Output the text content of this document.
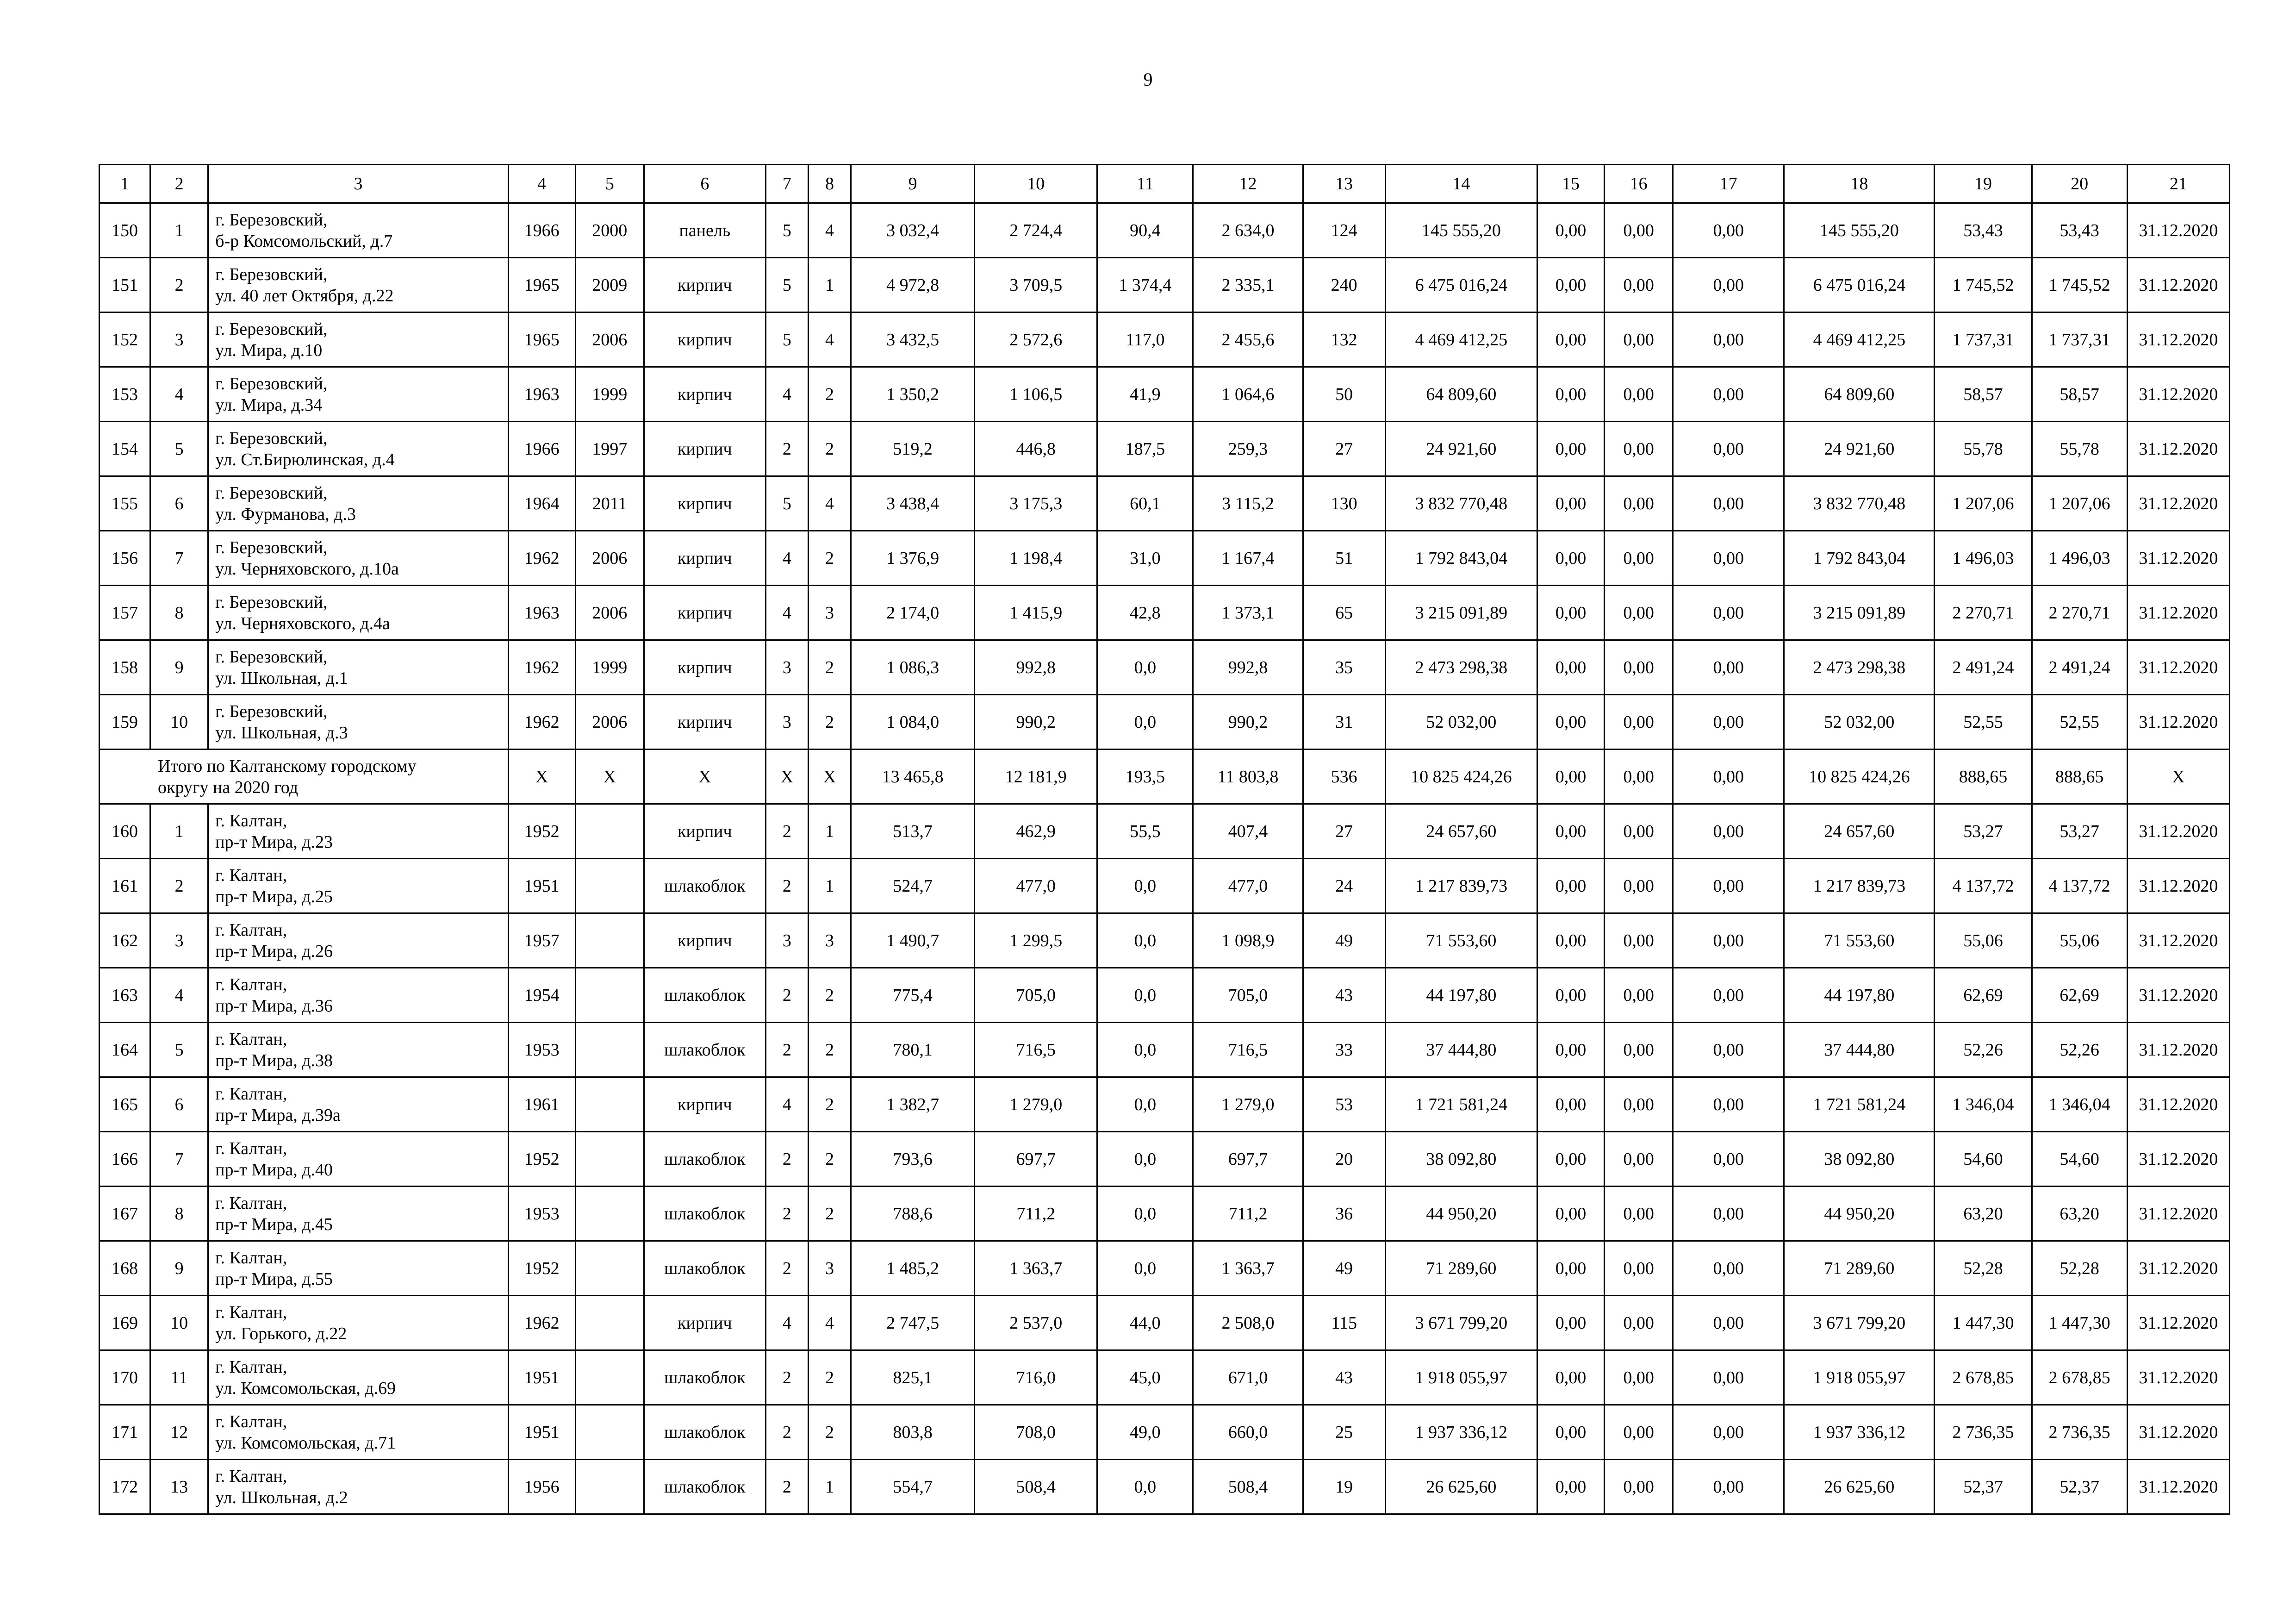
9
1	2	3	4	5	6	7	8	9	10	11	12	13	14	15	16	17	18	19	20	21
150	1	г. Березовский,
б-р Комсомольский, д.7	1966	2000	панель	5	4	3 032,4	2 724,4	90,4	2 634,0	124	145 555,20	0,00	0,00	0,00	145 555,20	53,43	53,43	31.12.2020
151	2	г. Березовский,
ул. 40 лет Октября, д.22	1965	2009	кирпич	5	1	4 972,8	3 709,5	1 374,4	2 335,1	240	6 475 016,24	0,00	0,00	0,00	6 475 016,24	1 745,52	1 745,52	31.12.2020
152	3	г. Березовский,
ул. Мира, д.10	1965	2006	кирпич	5	4	3 432,5	2 572,6	117,0	2 455,6	132	4 469 412,25	0,00	0,00	0,00	4 469 412,25	1 737,31	1 737,31	31.12.2020
153	4	г. Березовский,
ул. Мира, д.34	1963	1999	кирпич	4	2	1 350,2	1 106,5	41,9	1 064,6	50	64 809,60	0,00	0,00	0,00	64 809,60	58,57	58,57	31.12.2020
154	5	г. Березовский,
ул. Ст.Бирюлинская, д.4	1966	1997	кирпич	2	2	519,2	446,8	187,5	259,3	27	24 921,60	0,00	0,00	0,00	24 921,60	55,78	55,78	31.12.2020
155	6	г. Березовский,
ул. Фурманова, д.3	1964	2011	кирпич	5	4	3 438,4	3 175,3	60,1	3 115,2	130	3 832 770,48	0,00	0,00	0,00	3 832 770,48	1 207,06	1 207,06	31.12.2020
156	7	г. Березовский,
ул. Черняховского, д.10а	1962	2006	кирпич	4	2	1 376,9	1 198,4	31,0	1 167,4	51	1 792 843,04	0,00	0,00	0,00	1 792 843,04	1 496,03	1 496,03	31.12.2020
157	8	г. Березовский,
ул. Черняховского, д.4а	1963	2006	кирпич	4	3	2 174,0	1 415,9	42,8	1 373,1	65	3 215 091,89	0,00	0,00	0,00	3 215 091,89	2 270,71	2 270,71	31.12.2020
158	9	г. Березовский,
ул. Школьная, д.1	1962	1999	кирпич	3	2	1 086,3	992,8	0,0	992,8	35	2 473 298,38	0,00	0,00	0,00	2 473 298,38	2 491,24	2 491,24	31.12.2020
159	10	г. Березовский,
ул. Школьная, д.3	1962	2006	кирпич	3	2	1 084,0	990,2	0,0	990,2	31	52 032,00	0,00	0,00	0,00	52 032,00	52,55	52,55	31.12.2020

Итого по Калтанскому городскому
округу на 2020 год			X	X	X	X	X	13 465,8	12 181,9	193,5	11 803,8	536	10 825 424,26	0,00	0,00	0,00	10 825 424,26	888,65	888,65	X
160	1	г. Калтан,
пр-т Мира, д.23	1952		кирпич	2	1	513,7	462,9	55,5	407,4	27	24 657,60	0,00	0,00	0,00	24 657,60	53,27	53,27	31.12.2020
161	2	г. Калтан,
пр-т Мира, д.25	1951		шлакоблок	2	1	524,7	477,0	0,0	477,0	24	1 217 839,73	0,00	0,00	0,00	1 217 839,73	4 137,72	4 137,72	31.12.2020
162	3	г. Калтан,
пр-т Мира, д.26	1957		кирпич	3	3	1 490,7	1 299,5	0,0	1 098,9	49	71 553,60	0,00	0,00	0,00	71 553,60	55,06	55,06	31.12.2020
163	4	г. Калтан,
пр-т Мира, д.36	1954		шлакоблок	2	2	775,4	705,0	0,0	705,0	43	44 197,80	0,00	0,00	0,00	44 197,80	62,69	62,69	31.12.2020
164	5	г. Калтан,
пр-т Мира, д.38	1953		шлакоблок	2	2	780,1	716,5	0,0	716,5	33	37 444,80	0,00	0,00	0,00	37 444,80	52,26	52,26	31.12.2020
165	6	г. Калтан,
пр-т Мира, д.39а	1961		кирпич	4	2	1 382,7	1 279,0	0,0	1 279,0	53	1 721 581,24	0,00	0,00	0,00	1 721 581,24	1 346,04	1 346,04	31.12.2020
166	7	г. Калтан,
пр-т Мира, д.40	1952		шлакоблок	2	2	793,6	697,7	0,0	697,7	20	38 092,80	0,00	0,00	0,00	38 092,80	54,60	54,60	31.12.2020
167	8	г. Калтан,
пр-т Мира, д.45	1953		шлакоблок	2	2	788,6	711,2	0,0	711,2	36	44 950,20	0,00	0,00	0,00	44 950,20	63,20	63,20	31.12.2020
168	9	г. Калтан,
пр-т Мира, д.55	1952		шлакоблок	2	3	1 485,2	1 363,7	0,0	1 363,7	49	71 289,60	0,00	0,00	0,00	71 289,60	52,28	52,28	31.12.2020
169	10	г. Калтан,
ул. Горького, д.22	1962		кирпич	4	4	2 747,5	2 537,0	44,0	2 508,0	115	3 671 799,20	0,00	0,00	0,00	3 671 799,20	1 447,30	1 447,30	31.12.2020
170	11	г. Калтан,
ул. Комсомольская, д.69	1951		шлакоблок	2	2	825,1	716,0	45,0	671,0	43	1 918 055,97	0,00	0,00	0,00	1 918 055,97	2 678,85	2 678,85	31.12.2020
171	12	г. Калтан,
ул. Комсомольская, д.71	1951		шлакоблок	2	2	803,8	708,0	49,0	660,0	25	1 937 336,12	0,00	0,00	0,00	1 937 336,12	2 736,35	2 736,35	31.12.2020
172	13	г. Калтан,
ул. Школьная, д.2	1956		шлакоблок	2	1	554,7	508,4	0,0	508,4	19	26 625,60	0,00	0,00	0,00	26 625,60	52,37	52,37	31.12.2020
